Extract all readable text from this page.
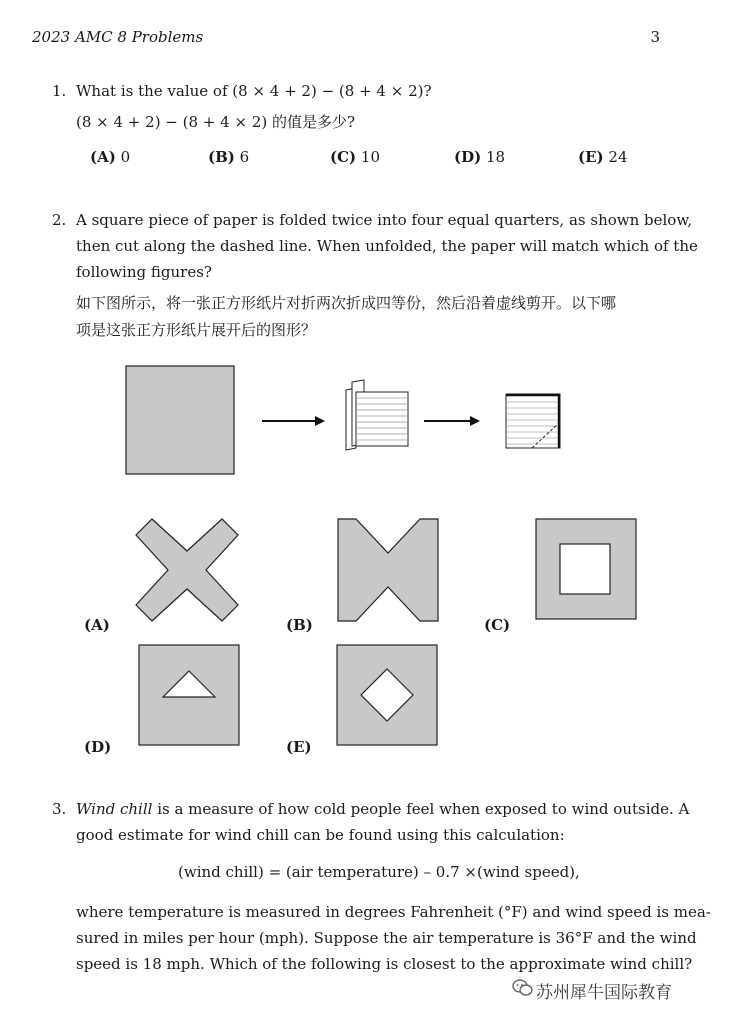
2023 AMC 8 Problems	3
1. What is the value of (8 × 4 + 2) − (8 + 4 × 2)?
(8 × 4 + 2) − (8 + 4 × 2) 的值是多少?
(A) 0	(B) 6	(C) 10	(D) 18	(E) 24
2. A square piece of paper is folded twice into four equal quarters, as shown below,
then cut along the dashed line. When unfolded, the paper will match which of the
following figures?
如下图所示，将一张正方形纸片对折两次折成四等份，然后沿着虚线剪开。以下哪
项是这张正方形纸片展开后的图形？
(A)	(B)	(C)
(D)	(E)
3. Wind chill is a measure of how cold people feel when exposed to wind outside. A
good estimate for wind chill can be found using this calculation:
(wind chill) = (air temperature) – 0.7 ×(wind speed),
where temperature is measured in degrees Fahrenheit (°F) and wind speed is mea-
sured in miles per hour (mph). Suppose the air temperature is 36°F and the wind
speed is 18 mph. Which of the following is closest to the approximate wind chill?
苏州犀牛国际教育
